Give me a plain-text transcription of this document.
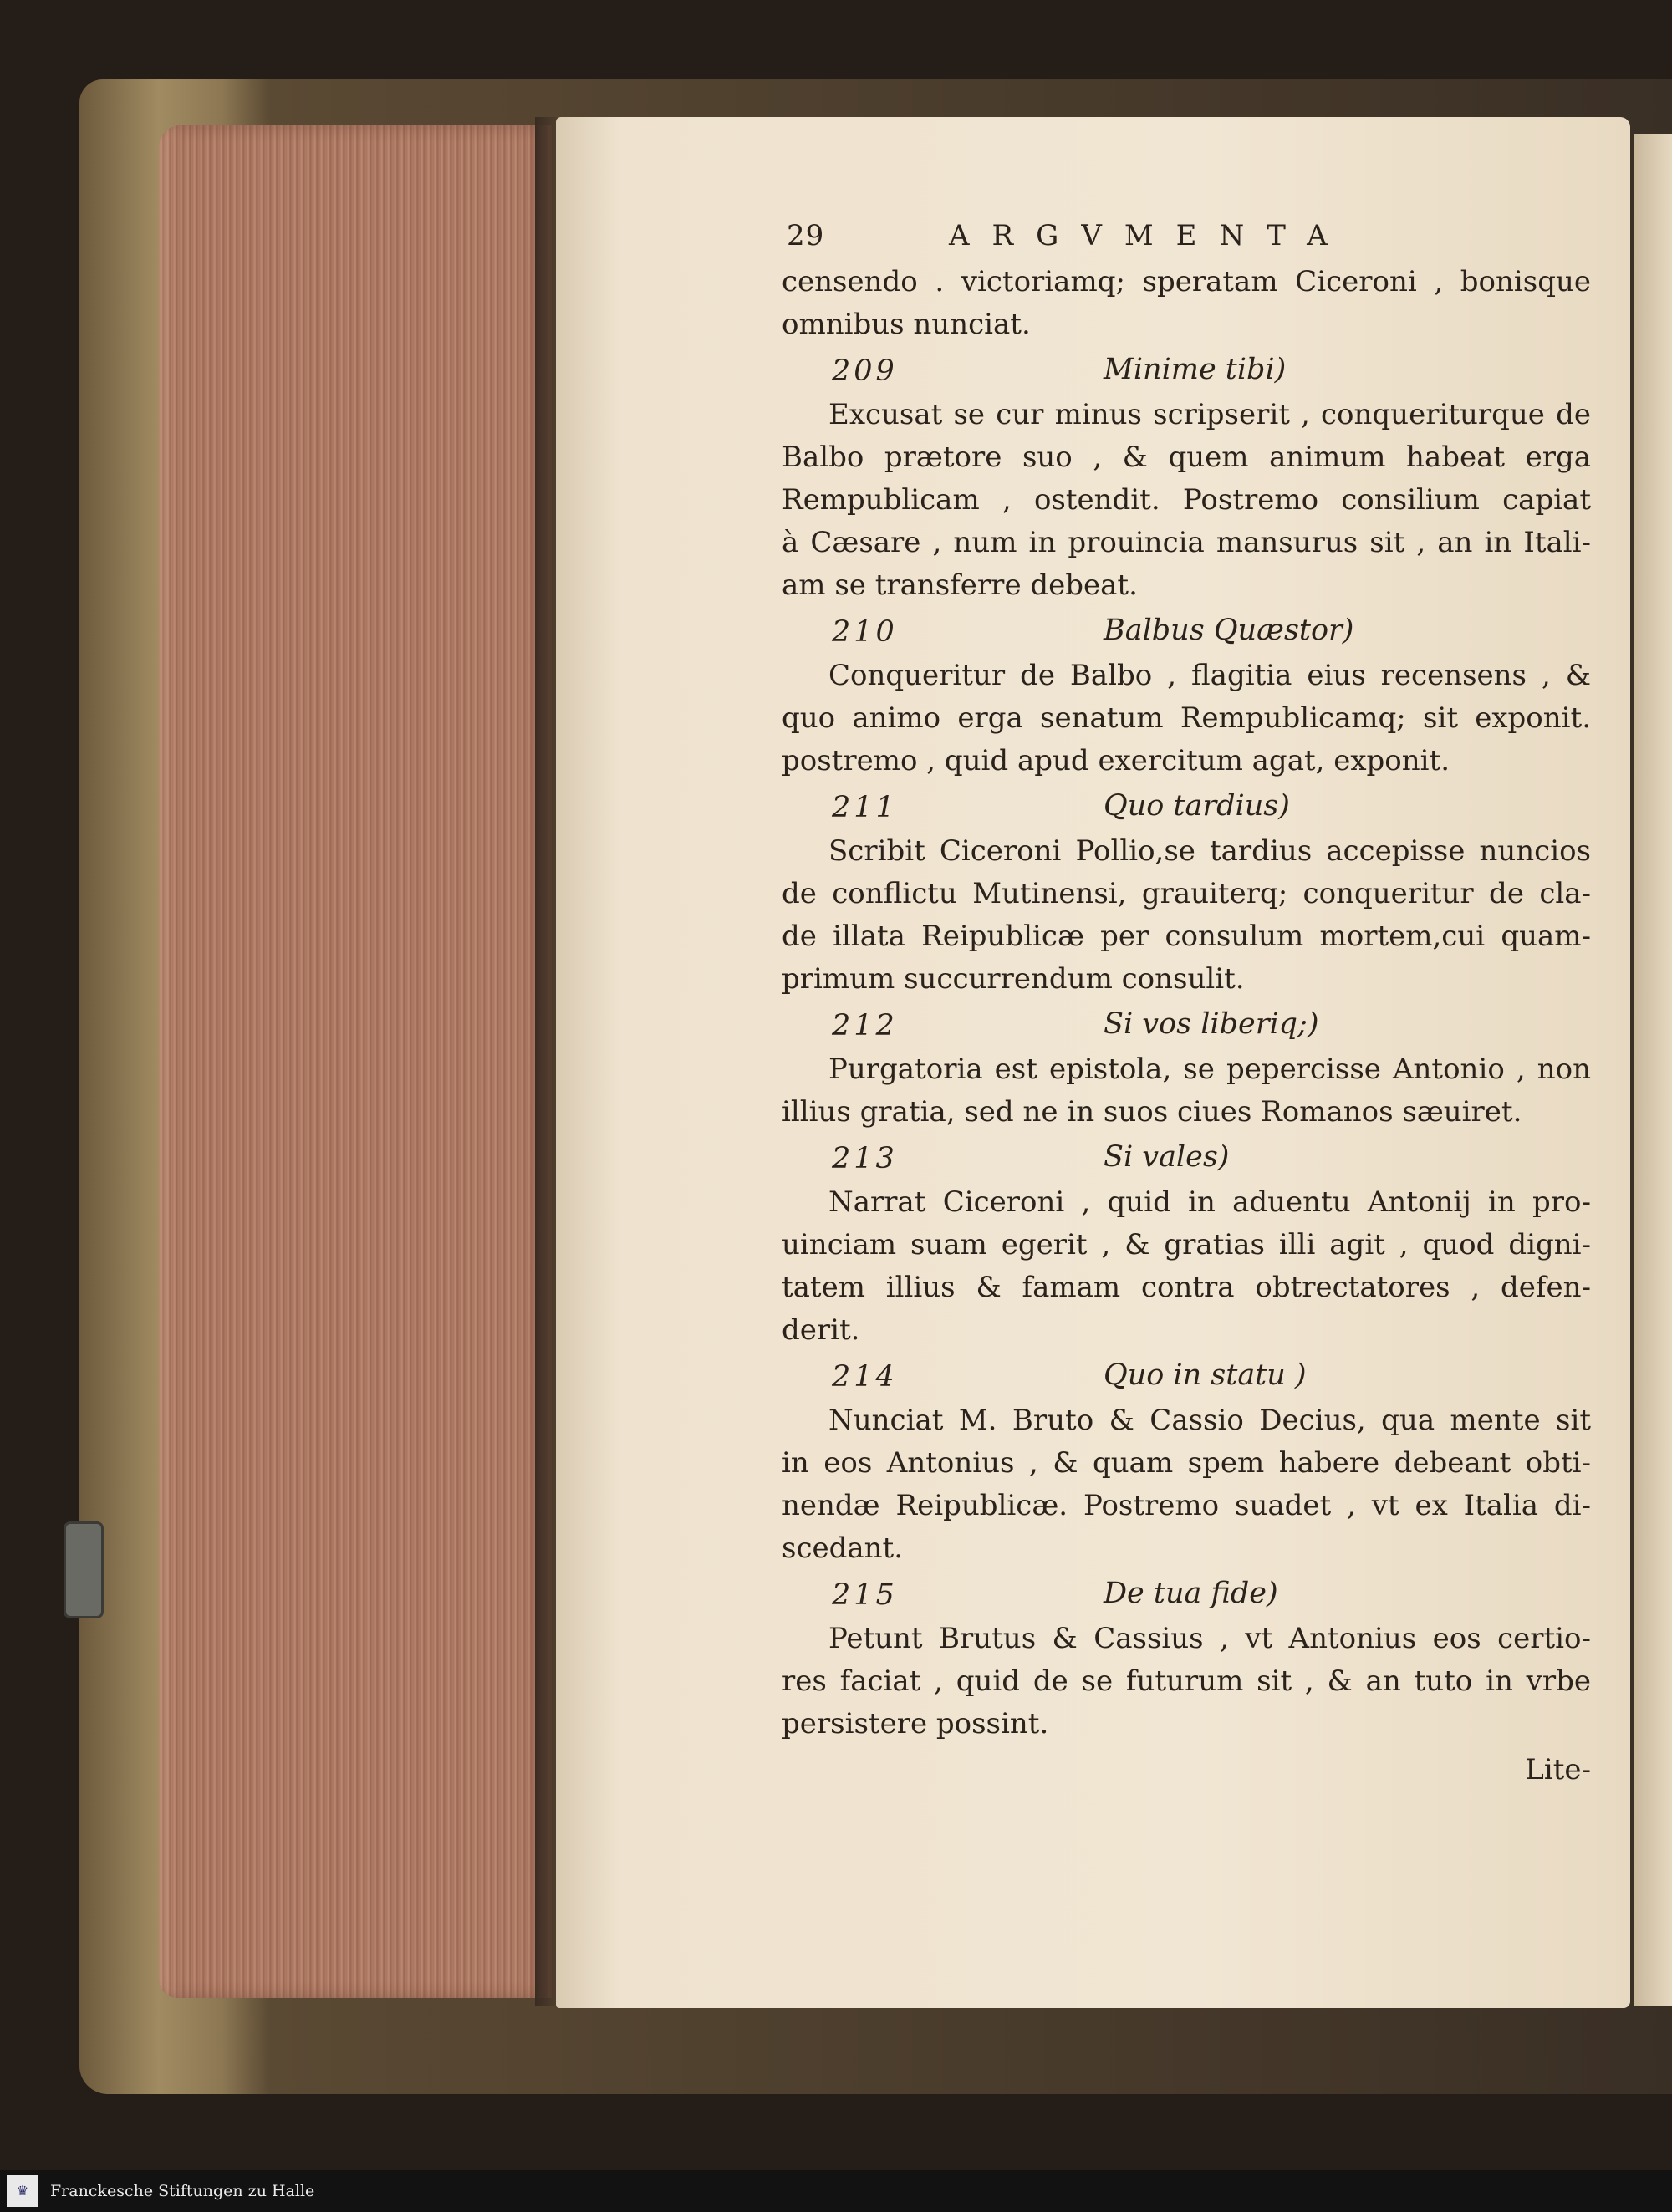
29	ARGVMENTA
censendo . victoriamq; speratam Ciceroni , bonisque
omnibus nunciat.
209	Minime tibi)
Excusat se cur minus scripserit , conqueriturque de
Balbo prætore suo , & quem animum habeat erga
Rempublicam , ostendit. Postremo consilium capiat
à Cæsare , num in prouincia mansurus sit , an in Itali-
am se transferre debeat.
210	Balbus Quæstor)
Conqueritur de Balbo , flagitia eius recensens , &
quo animo erga senatum Rempublicamq; sit exponit.
postremo , quid apud exercitum agat, exponit.
211	Quo tardius)
Scribit Ciceroni Pollio,se tardius accepisse nuncios
de conflictu Mutinensi, grauiterq; conqueritur de cla-
de illata Reipublicæ per consulum mortem,cui quam-
primum succurrendum consulit.
212	Si vos liberiq;)
Purgatoria est epistola, se pepercisse Antonio , non
illius gratia, sed ne in suos ciues Romanos sæuiret.
213	Si vales)
Narrat Ciceroni , quid in aduentu Antonij in pro-
uinciam suam egerit , & gratias illi agit , quod digni-
tatem illius & famam contra obtrectatores , defen-
derit.
214	Quo in statu )
Nunciat M. Bruto & Cassio Decius, qua mente sit
in eos Antonius , & quam spem habere debeant obti-
nendæ Reipublicæ. Postremo suadet , vt ex Italia di-
scedant.
215	De tua fide)
Petunt Brutus & Cassius , vt Antonius eos certio-
res faciat , quid de se futurum sit , & an tuto in vrbe
persistere possint.
Lite-
♛	Franckesche Stiftungen zu Halle
